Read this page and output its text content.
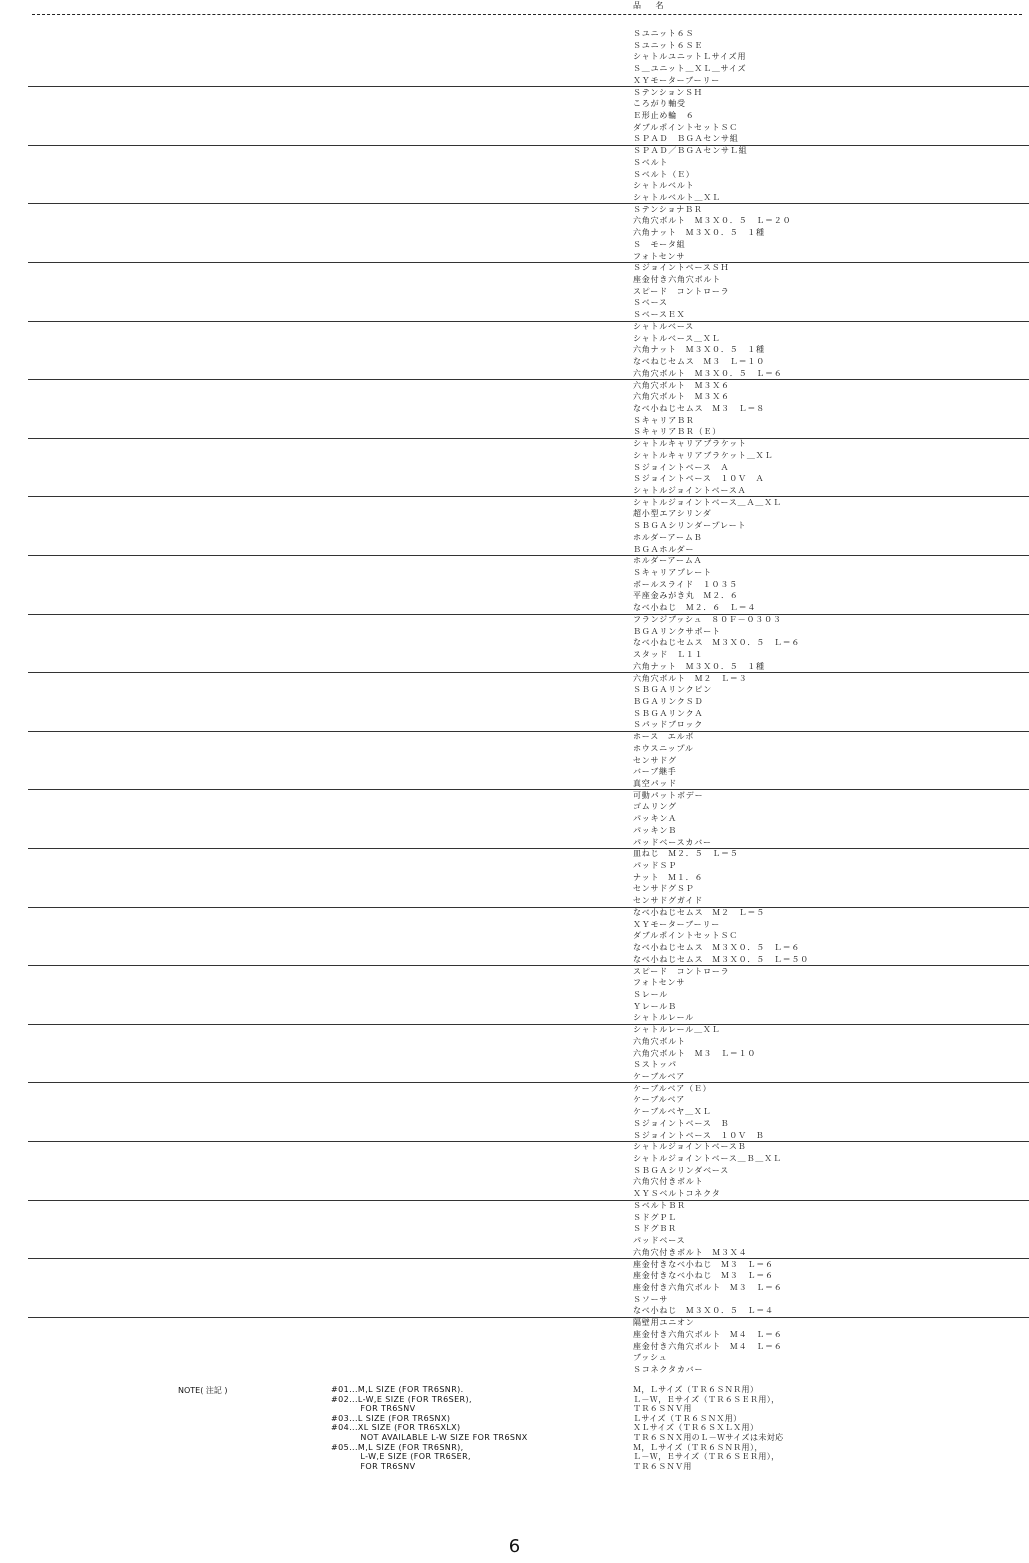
品 名
Ｓユニット６Ｓ
Ｓユニット６ＳＥ
シャトルユニットＬサイズ用
Ｓ＿ユニット＿ＸＬ＿サイズ
ＸＹモーターブーリー
ＳテンションＳＨ
ころがり軸受
Ｅ形止め輪　６
ダブルポイントセットＳＣ
ＳＰＡＤ　ＢＧＡセンサ組
ＳＰＡＤ／ＢＧＡセンサＬ組
Ｓベルト
Ｓベルト（Ｅ）
シャトルベルト
シャトルベルト＿ＸＬ
ＳテンショナＢＲ
六角穴ボルト　Ｍ３Ｘ０．５　Ｌ＝２０
六角ナット　Ｍ３Ｘ０．５　１種
Ｓ　モータ組
フォトセンサ
ＳジョイントベースＳＨ
座金付き六角穴ボルト
スピード　コントローラ
Ｓベース
ＳベースＥＸ
シャトルベース
シャトルベース＿ＸＬ
六角ナット　Ｍ３Ｘ０．５　１種
なべねじセムス　Ｍ３　Ｌ＝１０
六角穴ボルト　Ｍ３Ｘ０．５　Ｌ＝６
六角穴ボルト　Ｍ３Ｘ６
六角穴ボルト　Ｍ３Ｘ６
なべ小ねじセムス　Ｍ３　Ｌ＝８
ＳキャリアＢＲ
ＳキャリアＢＲ（Ｅ）
シャトルキャリアブラケット
シャトルキャリアブラケット＿ＸＬ
Ｓジョイントベース　Ａ
Ｓジョイントベース　１０Ｖ　Ａ
シャトルジョイントベースＡ
シャトルジョイントベース＿Ａ＿ＸＬ
超小型エアシリンダ
ＳＢＧＡシリンダープレート
ホルダーアームＢ
ＢＧＡホルダー
ホルダーアームＡ
Ｓキャリアプレート
ボールスライド　１０３５
平座金みがき丸　Ｍ２．６
なべ小ねじ　Ｍ２．６　Ｌ＝４
フランジブッシュ　８０Ｆ－０３０３
ＢＧＡリンクサポート
なべ小ねじセムス　Ｍ３Ｘ０．５　Ｌ＝６
スタッド　Ｌ１１
六角ナット　Ｍ３Ｘ０．５　１種
六角穴ボルト　Ｍ２　Ｌ＝３
ＳＢＧＡリンクピン
ＢＧＡリンクＳＤ
ＳＢＧＡリンクＡ
Ｓパッドブロック
ホース　エルボ
ホウスニップル
センサドグ
バーブ継手
真空パッド
可動パットボデー
ゴムリング
パッキンＡ
パッキンＢ
パッドベースカバー
皿ねじ　Ｍ２．５　Ｌ＝５
パッドＳＰ
ナット　Ｍ１．６
センサドグＳＰ
センサドグガイド
なべ小ねじセムス　Ｍ２　Ｌ＝５
ＸＹモーターブーリー
ダブルポイントセットＳＣ
なべ小ねじセムス　Ｍ３Ｘ０．５　Ｌ＝６
なべ小ねじセムス　Ｍ３Ｘ０．５　Ｌ＝５０
スピード　コントローラ
フォトセンサ
Ｓレール
ＹレールＢ
シャトルレール
シャトルレール＿ＸＬ
六角穴ボルト
六角穴ボルト　Ｍ３　Ｌ＝１０
Ｓストッパ
ケーブルベア
ケーブルベア（Ｅ）
ケーブルベア
ケーブルベヤ＿ＸＬ
Ｓジョイントベース　Ｂ
Ｓジョイントベース　１０Ｖ　Ｂ
シャトルジョイントベースＢ
シャトルジョイントベース＿Ｂ＿ＸＬ
ＳＢＧＡシリンダベース
六角穴付きボルト
ＸＹＳベルトコネクタ
ＳベルトＢＲ
ＳドグＰＬ
ＳドグＢＲ
パッドベース
六角穴付きボルト　Ｍ３Ｘ４
座金付きなべ小ねじ　Ｍ３　Ｌ＝６
座金付きなべ小ねじ　Ｍ３　Ｌ＝６
座金付き六角穴ボルト　Ｍ３　Ｌ＝６
Ｓソーサ
なべ小ねじ　Ｍ３Ｘ０．５　Ｌ＝４
隔壁用ユニオン
座金付き六角穴ボルト　Ｍ４　Ｌ＝６
座金付き六角穴ボルト　Ｍ４　Ｌ＝６
ブッシュ
Ｓコネクタカバー
NOTE( 注記 )	#01...M,L SIZE (FOR TR6SNR).
#02...L-W,E SIZE (FOR TR6SER),
FOR TR6SNV
#03...L SIZE (FOR TR6SNX)
#04...XL SIZE (FOR TR6SXLX)
NOT AVAILABLE L-W SIZE FOR TR6SNX
#05...M,L SIZE (FOR TR6SNR),
L-W,E SIZE (FOR TR6SER,
FOR TR6SNV
Ｍ，Ｌサイズ（ＴＲ６ＳＮＲ用）
Ｌ－Ｗ，Ｅサイズ（ＴＲ６ＳＥＲ用），
ＴＲ６ＳＮＶ用
Ｌサイズ（ＴＲ６ＳＮＸ用）
ＸＬサイズ（ＴＲ６ＳＸＬＸ用）
ＴＲ６ＳＮＸ用のＬ－Ｗサイズは未対応
Ｍ，Ｌサイズ（ＴＲ６ＳＮＲ用），
Ｌ－Ｗ，Ｅサイズ（ＴＲ６ＳＥＲ用），
ＴＲ６ＳＮＶ用
6
